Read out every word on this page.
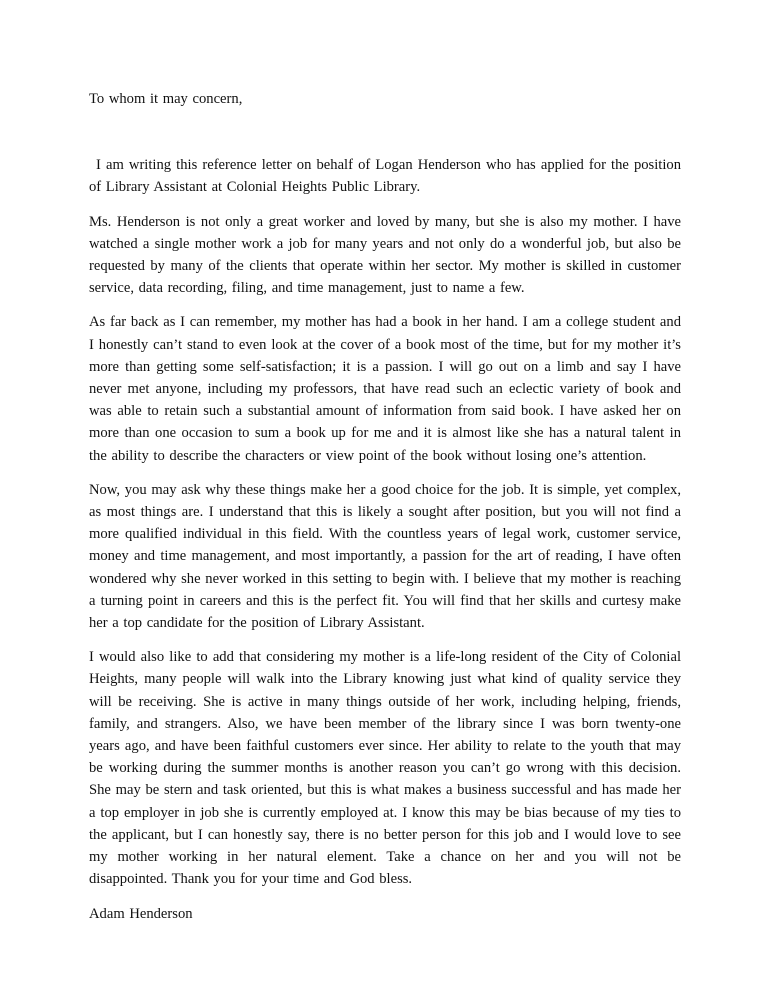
To whom it may concern,

I am writing this reference letter on behalf of Logan Henderson who has applied for the position of Library Assistant at Colonial Heights Public Library.

Ms. Henderson is not only a great worker and loved by many, but she is also my mother. I have watched a single mother work a job for many years and not only do a wonderful job, but also be requested by many of the clients that operate within her sector. My mother is skilled in customer service, data recording, filing, and time management, just to name a few.

As far back as I can remember, my mother has had a book in her hand. I am a college student and I honestly can’t stand to even look at the cover of a book most of the time, but for my mother it’s more than getting some self-satisfaction; it is a passion. I will go out on a limb and say I have never met anyone, including my professors, that have read such an eclectic variety of book and was able to retain such a substantial amount of information from said book. I have asked her on more than one occasion to sum a book up for me and it is almost like she has a natural talent in the ability to describe the characters or view point of the book without losing one’s attention.

Now, you may ask why these things make her a good choice for the job. It is simple, yet complex, as most things are. I understand that this is likely a sought after position, but you will not find a more qualified individual in this field. With the countless years of legal work, customer service, money and time management, and most importantly, a passion for the art of reading, I have often wondered why she never worked in this setting to begin with. I believe that my mother is reaching a turning point in careers and this is the perfect fit. You will find that her skills and curtesy make her a top candidate for the position of Library Assistant.

I would also like to add that considering my mother is a life-long resident of the City of Colonial Heights, many people will walk into the Library knowing just what kind of quality service they will be receiving. She is active in many things outside of her work, including helping, friends, family, and strangers. Also, we have been member of the library since I was born twenty-one years ago, and have been faithful customers ever since. Her ability to relate to the youth that may be working during the summer months is another reason you can’t go wrong with this decision. She may be stern and task oriented, but this is what makes a business successful and has made her a top employer in job she is currently employed at. I know this may be bias because of my ties to the applicant, but I can honestly say, there is no better person for this job and I would love to see my mother working in her natural element. Take a chance on her and you will not be disappointed. Thank you for your time and God bless.

Adam Henderson
